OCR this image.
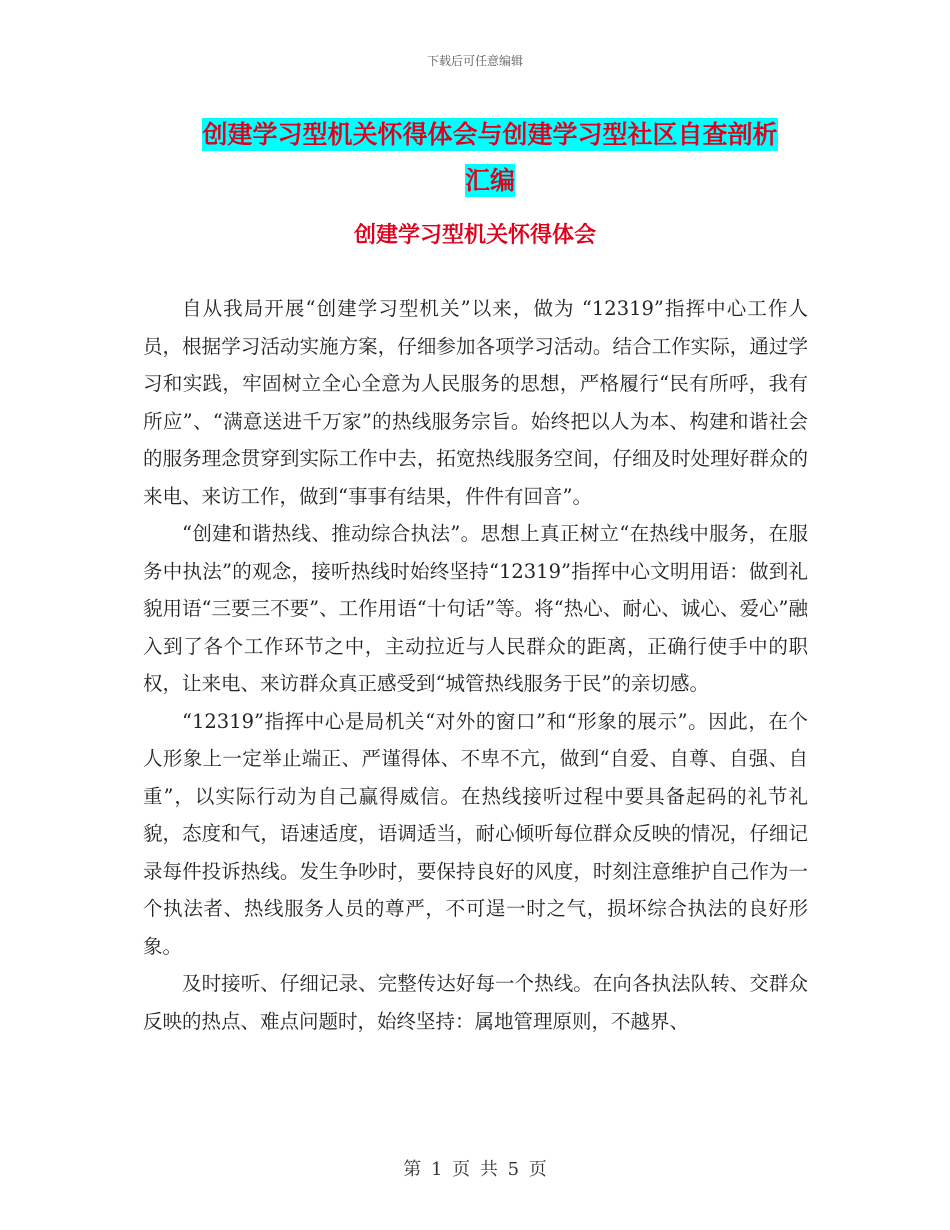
下载后可任意编辑
创建学习型机关怀得体会与创建学习型社区自查剖析
汇编
创建学习型机关怀得体会

自从我局开展“创建学习型机关”以来，做为 “12319”指挥中心工作人员，根据学习活动实施方案，仔细参加各项学习活动。结合工作实际，通过学习和实践，牢固树立全心全意为人民服务的思想，严格履行“民有所呼，我有所应”、“满意送进千万家”的热线服务宗旨。始终把以人为本、构建和谐社会的服务理念贯穿到实际工作中去，拓宽热线服务空间，仔细及时处理好群众的来电、来访工作，做到“事事有结果，件件有回音”。

“创建和谐热线、推动综合执法”。思想上真正树立“在热线中服务，在服务中执法”的观念，接听热线时始终坚持“12319”指挥中心文明用语：做到礼貌用语“三要三不要”、工作用语“十句话”等。将“热心、耐心、诚心、爱心”融入到了各个工作环节之中，主动拉近与人民群众的距离，正确行使手中的职权，让来电、来访群众真正感受到“城管热线服务于民”的亲切感。

“12319”指挥中心是局机关“对外的窗口”和“形象的展示”。因此，在个人形象上一定举止端正、严谨得体、不卑不亢，做到“自爱、自尊、自强、自重”，以实际行动为自己赢得威信。在热线接听过程中要具备起码的礼节礼貌，态度和气，语速适度，语调适当，耐心倾听每位群众反映的情况，仔细记录每件投诉热线。发生争吵时，要保持良好的风度，时刻注意维护自己作为一个执法者、热线服务人员的尊严，不可逞一时之气，损坏综合执法的良好形象。

及时接听、仔细记录、完整传达好每一个热线。在向各执法队转、交群众反映的热点、难点问题时，始终坚持：属地管理原则，不越界、

第 1 页 共 5 页
